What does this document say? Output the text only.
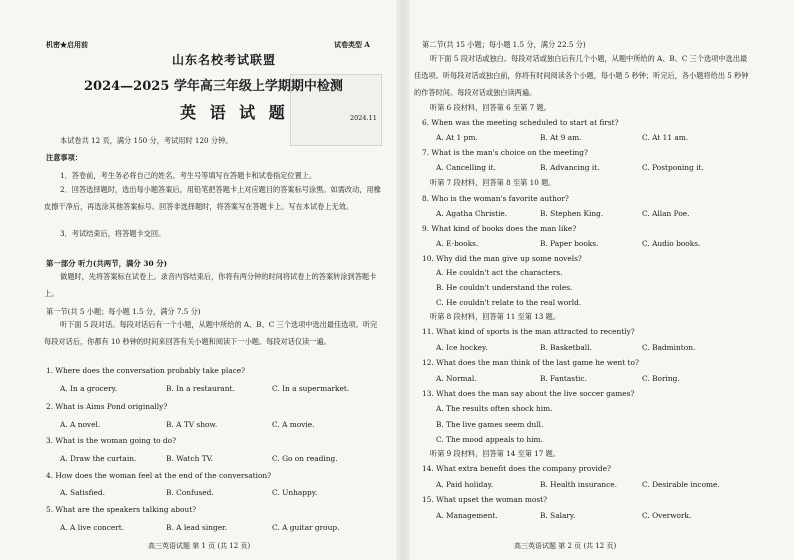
机密★启用前	试卷类型 A
山东名校考试联盟
2024—2025 学年高三年级上学期期中检测
英 语 试 题	2024.11
本试卷共 12 页，满分 150 分，考试用时 120 分钟。
注意事项：
1．答卷前，考生务必将自己的姓名、考生号等填写在答题卡和试卷指定位置上。
2．回答选择题时，选出每小题答案后，用铅笔把答题卡上对应题目的答案标号涂黑。如需改动，用橡皮擦干净后，再选涂其他答案标号。回答非选择题时，将答案写在答题卡上。写在本试卷上无效。
3．考试结束后，将答题卡交回。
第一部分 听力(共两节，满分 30 分)
做题时，先将答案标在试卷上。录音内容结束后，你将有两分钟的时间将试卷上的答案转涂到答题卡上。
第一节(共 5 小题；每小题 1.5 分，满分 7.5 分)
听下面 5 段对话。每段对话后有一个小题，从题中所给的 A、B、C 三个选项中选出最佳选项。听完每段对话后，你都有 10 秒钟的时间来回答有关小题和阅读下一小题。每段对话仅读一遍。
1. Where does the conversation probably take place?
A. In a grocery.	B. In a restaurant.	C. In a supermarket.
2. What is Aims Pond originally?
A. A novel.	B. A TV show.	C. A movie.
3. What is the woman going to do?
A. Draw the curtain.	B. Watch TV.	C. Go on reading.
4. How does the woman feel at the end of the conversation?
A. Satisfied.	B. Confused.	C. Unhappy.
5. What are the speakers talking about?
A. A live concert.	B. A lead singer.	C. A guitar group.
高三英语试题 第 1 页 (共 12 页)
第二节(共 15 小题；每小题 1.5 分，满分 22.5 分)
听下面 5 段对话或独白。每段对话或独白后有几个小题，从题中所给的 A、B、C 三个选项中选出最佳选项。听每段对话或独白前，你将有时间阅读各个小题，每小题 5 秒钟；听完后，各小题将给出 5 秒钟的作答时间。每段对话或独白读两遍。
听第 6 段材料，回答第 6 至第 7 题。
6. When was the meeting scheduled to start at first?
A. At 1 pm.	B. At 9 am.	C. At 11 am.
7. What is the man's choice on the meeting?
A. Cancelling it.	B. Advancing it.	C. Postponing it.
听第 7 段材料，回答第 8 至第 10 题。
8. Who is the woman's favorite author?
A. Agatha Christie.	B. Stephen King.	C. Allan Poe.
9. What kind of books does the man like?
A. E-books.	B. Paper books.	C. Audio books.
10. Why did the man give up some novels?
A. He couldn't act the characters.
B. He couldn't understand the roles.
C. He couldn't relate to the real world.
听第 8 段材料，回答第 11 至第 13 题。
11. What kind of sports is the man attracted to recently?
A. Ice hockey.	B. Basketball.	C. Badminton.
12. What does the man think of the last game he went to?
A. Normal.	B. Fantastic.	C. Boring.
13. What does the man say about the live soccer games?
A. The results often shock him.
B. The live games seem dull.
C. The mood appeals to him.
听第 9 段材料，回答第 14 至第 17 题。
14. What extra benefit does the company provide?
A. Paid holiday.	B. Health insurance.	C. Desirable income.
15. What upset the woman most?
A. Management.	B. Salary.	C. Overwork.
高三英语试题 第 2 页 (共 12 页)
